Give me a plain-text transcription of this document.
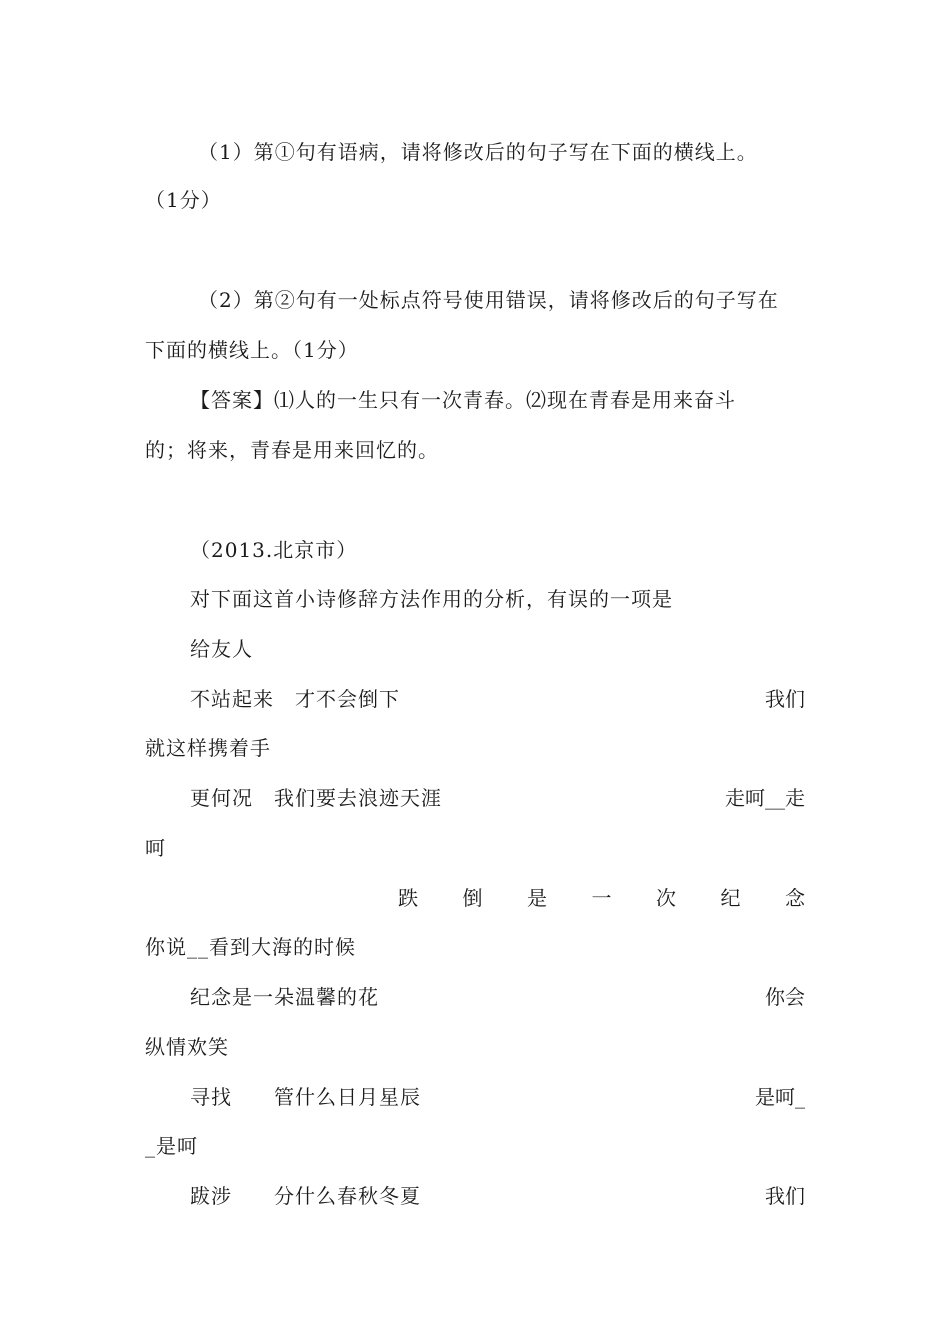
（1）第①句有语病，请将修改后的句子写在下面的横线上。
（1分）
（2）第②句有一处标点符号使用错误，请将修改后的句子写在
下面的横线上。（1分）
【答案】⑴人的一生只有一次青春。⑵现在青春是用来奋斗
的；将来，青春是用来回忆的。
（2013.北京市）
对下面这首小诗修辞方法作用的分析，有误的一项是
给友人
不站起来　才不会倒下	我们
就这样携着手
更何况　我们要去浪迹天涯	走呵__走
呵
跌 倒 是 一 次 纪 念
你说__看到大海的时候
纪念是一朵温馨的花	你会
纵情欢笑
寻找　　管什么日月星辰	是呵_
_是呵
跋涉　　分什么春秋冬夏	我们
